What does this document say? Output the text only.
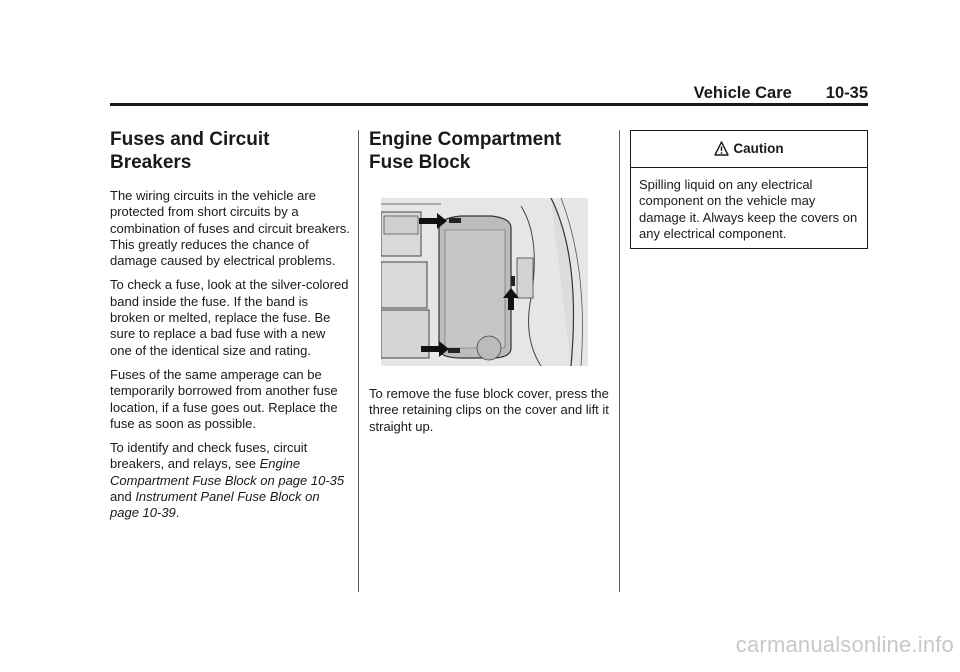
Vehicle Care 10-35
Fuses and Circuit Breakers

The wiring circuits in the vehicle are protected from short circuits by a combination of fuses and circuit breakers. This greatly reduces the chance of damage caused by electrical problems.

To check a fuse, look at the silver-colored band inside the fuse. If the band is broken or melted, replace the fuse. Be sure to replace a bad fuse with a new one of the identical size and rating.

Fuses of the same amperage can be temporarily borrowed from another fuse location, if a fuse goes out. Replace the fuse as soon as possible.

To identify and check fuses, circuit breakers, and relays, see Engine Compartment Fuse Block on page 10-35 and Instrument Panel Fuse Block on page 10-39.

Engine Compartment Fuse Block

To remove the fuse block cover, press the three retaining clips on the cover and lift it straight up.

Caution

Spilling liquid on any electrical component on the vehicle may damage it. Always keep the covers on any electrical component.

carmanualsonline.info
